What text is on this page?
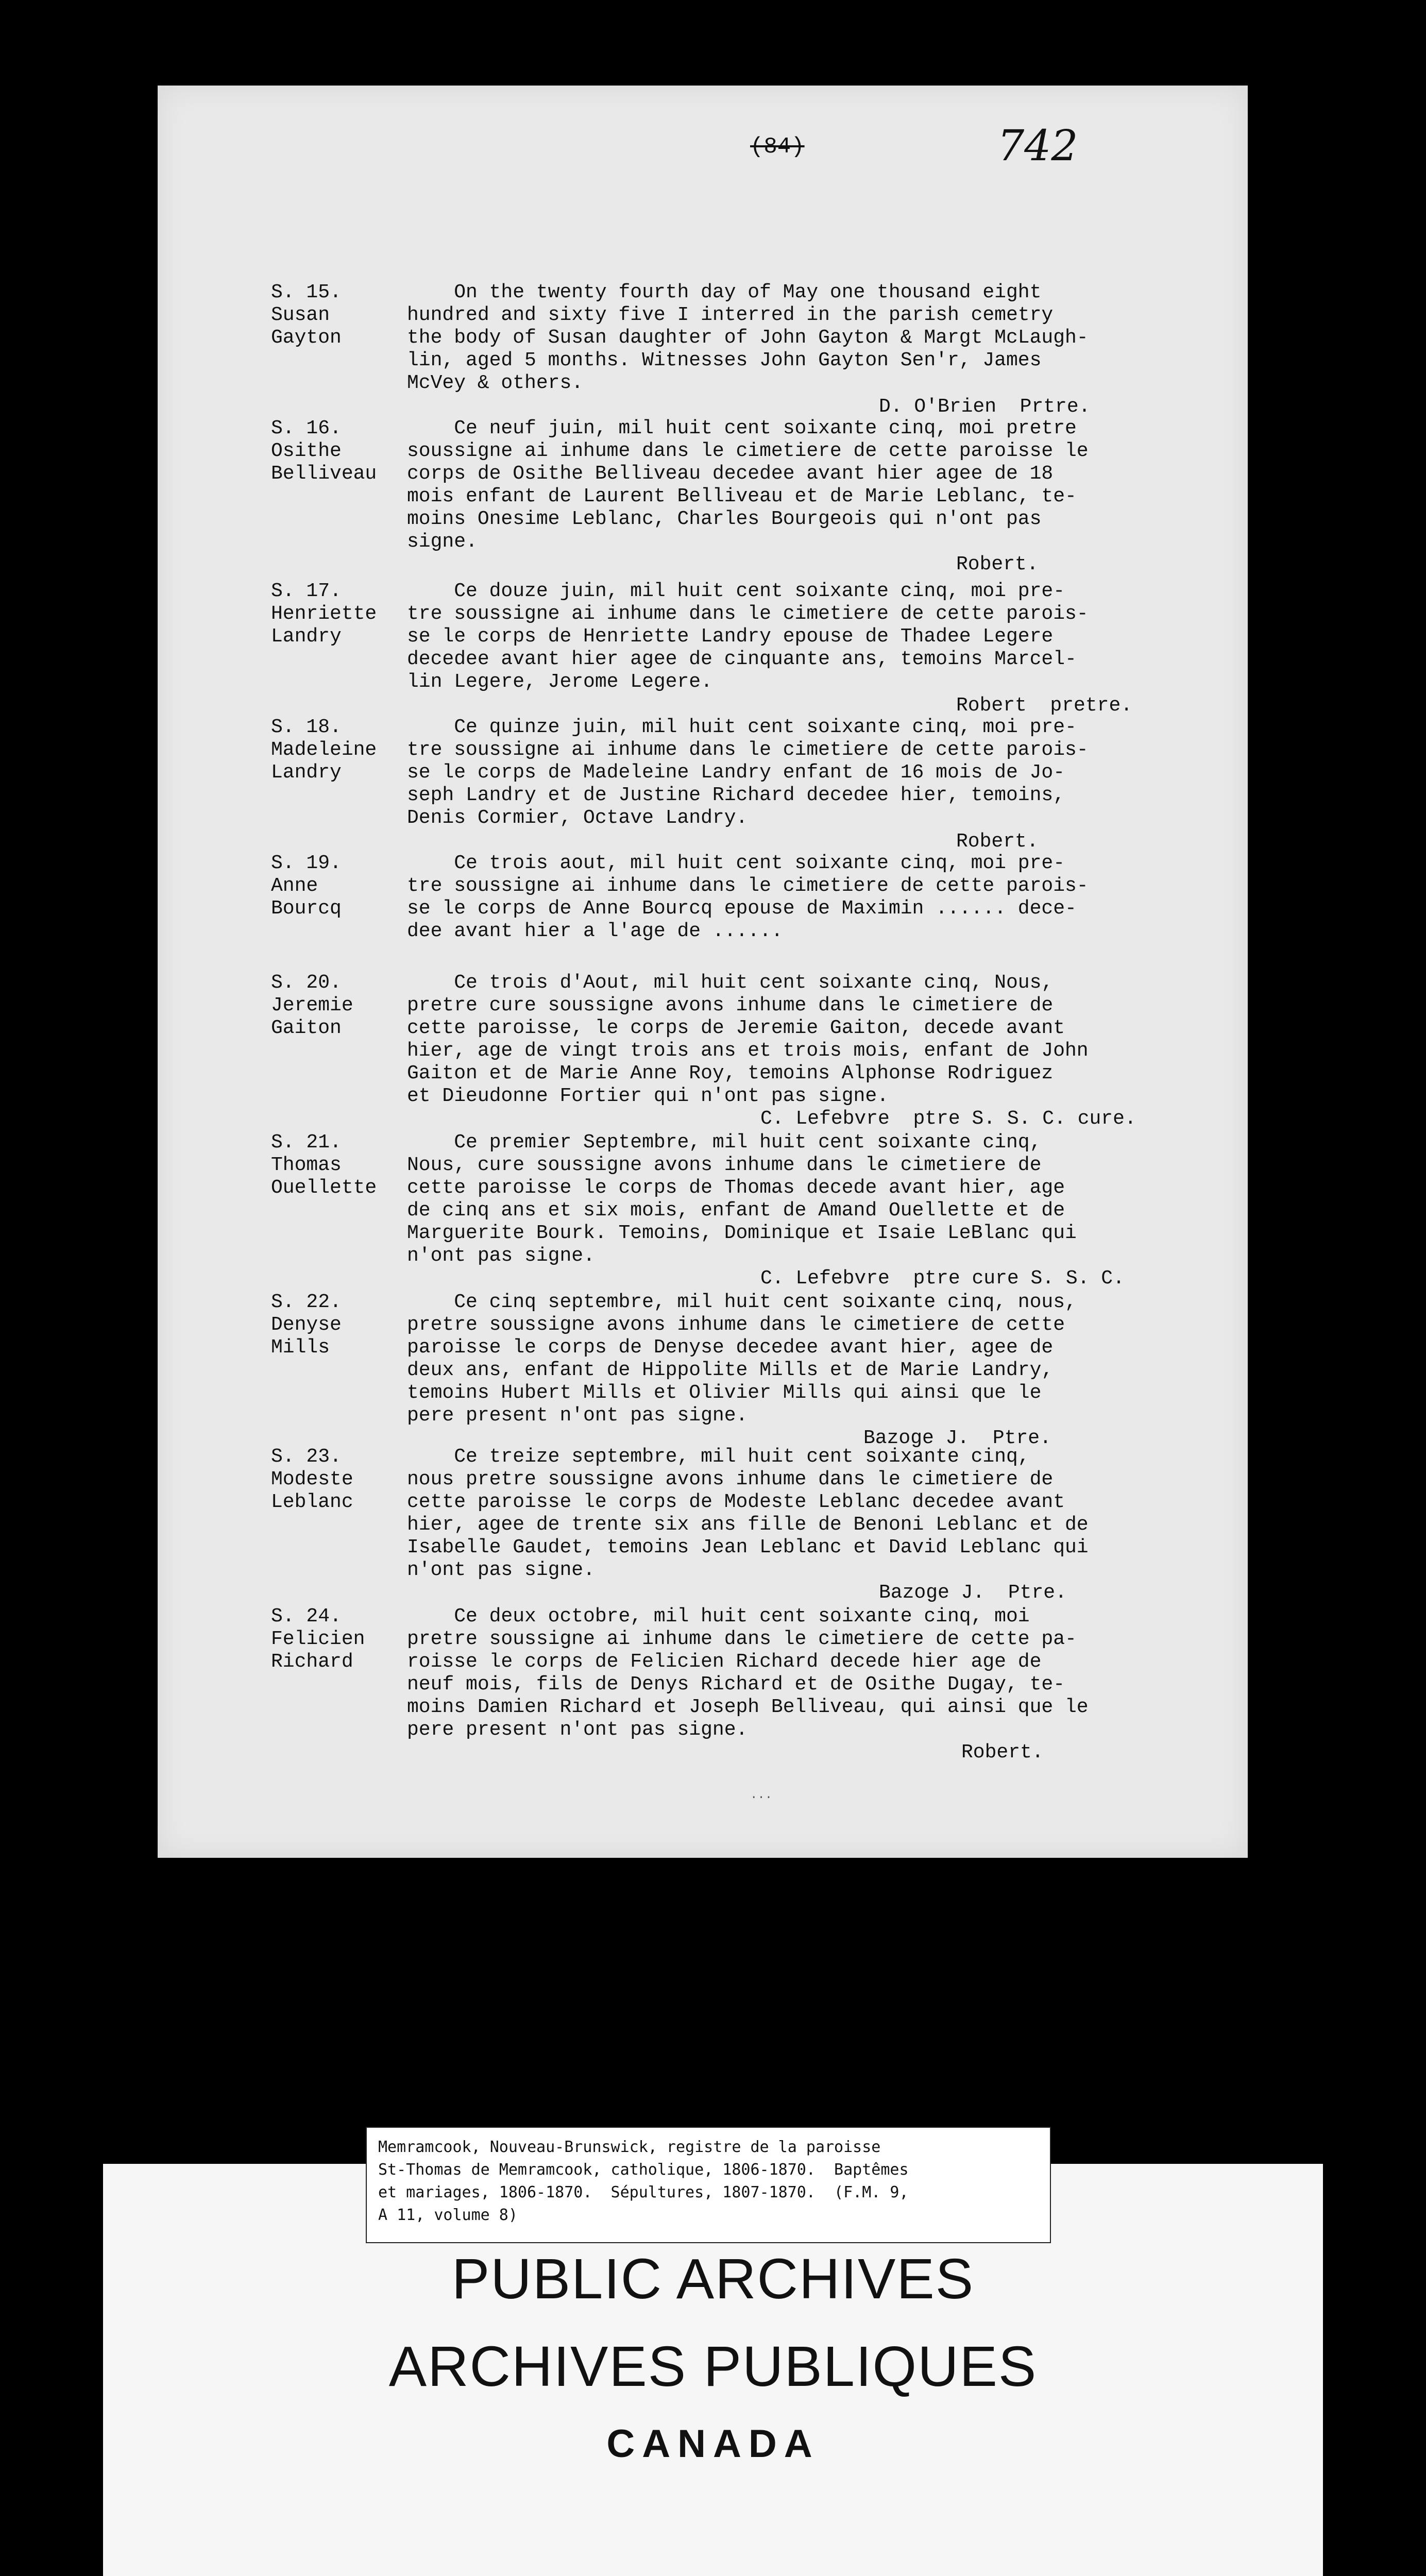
(84)	742
S. 15.
Susan
Gayton
On the twenty fourth day of May one thousand eight
hundred and sixty five I interred in the parish cemetry
the body of Susan daughter of John Gayton & Margt McLaugh-
lin, aged 5 months. Witnesses John Gayton Sen'r, James
McVey & others.
D. O'Brien  Prtre.
S. 16.
Osithe
Belliveau
Ce neuf juin, mil huit cent soixante cinq, moi pretre
soussigne ai inhume dans le cimetiere de cette paroisse le
corps de Osithe Belliveau decedee avant hier agee de 18
mois enfant de Laurent Belliveau et de Marie Leblanc, te-
moins Onesime Leblanc, Charles Bourgeois qui n'ont pas
signe.
Robert.
S. 17.
Henriette
Landry
Ce douze juin, mil huit cent soixante cinq, moi pre-
tre soussigne ai inhume dans le cimetiere de cette parois-
se le corps de Henriette Landry epouse de Thadee Legere
decedee avant hier agee de cinquante ans, temoins Marcel-
lin Legere, Jerome Legere.
Robert  pretre.
S. 18.
Madeleine
Landry
Ce quinze juin, mil huit cent soixante cinq, moi pre-
tre soussigne ai inhume dans le cimetiere de cette parois-
se le corps de Madeleine Landry enfant de 16 mois de Jo-
seph Landry et de Justine Richard decedee hier, temoins,
Denis Cormier, Octave Landry.
Robert.
S. 19.
Anne
Bourcq
Ce trois aout, mil huit cent soixante cinq, moi pre-
tre soussigne ai inhume dans le cimetiere de cette parois-
se le corps de Anne Bourcq epouse de Maximin ...... dece-
dee avant hier a l'age de ......
S. 20.
Jeremie
Gaiton
Ce trois d'Aout, mil huit cent soixante cinq, Nous,
pretre cure soussigne avons inhume dans le cimetiere de
cette paroisse, le corps de Jeremie Gaiton, decede avant
hier, age de vingt trois ans et trois mois, enfant de John
Gaiton et de Marie Anne Roy, temoins Alphonse Rodriguez
et Dieudonne Fortier qui n'ont pas signe.
C. Lefebvre  ptre S. S. C. cure.
S. 21.
Thomas
Ouellette
Ce premier Septembre, mil huit cent soixante cinq,
Nous, cure soussigne avons inhume dans le cimetiere de
cette paroisse le corps de Thomas decede avant hier, age
de cinq ans et six mois, enfant de Amand Ouellette et de
Marguerite Bourk. Temoins, Dominique et Isaie LeBlanc qui
n'ont pas signe.
C. Lefebvre  ptre cure S. S. C.
S. 22.
Denyse
Mills
Ce cinq septembre, mil huit cent soixante cinq, nous,
pretre soussigne avons inhume dans le cimetiere de cette
paroisse le corps de Denyse decedee avant hier, agee de
deux ans, enfant de Hippolite Mills et de Marie Landry,
temoins Hubert Mills et Olivier Mills qui ainsi que le
pere present n'ont pas signe.
Bazoge J.  Ptre.
S. 23.
Modeste
Leblanc
Ce treize septembre, mil huit cent soixante cinq,
nous pretre soussigne avons inhume dans le cimetiere de
cette paroisse le corps de Modeste Leblanc decedee avant
hier, agee de trente six ans fille de Benoni Leblanc et de
Isabelle Gaudet, temoins Jean Leblanc et David Leblanc qui
n'ont pas signe.
Bazoge J.  Ptre.
S. 24.
Felicien
Richard
Ce deux octobre, mil huit cent soixante cinq, moi
pretre soussigne ai inhume dans le cimetiere de cette pa-
roisse le corps de Felicien Richard decede hier age de
neuf mois, fils de Denys Richard et de Osithe Dugay, te-
moins Damien Richard et Joseph Belliveau, qui ainsi que le
pere present n'ont pas signe.
Robert.
···
Memramcook, Nouveau-Brunswick, registre de la paroisse
St-Thomas de Memramcook, catholique, 1806-1870.  Baptêmes
et mariages, 1806-1870.  Sépultures, 1807-1870.  (F.M. 9,
A 11, volume 8)
PUBLIC ARCHIVES
ARCHIVES PUBLIQUES
CANADA
